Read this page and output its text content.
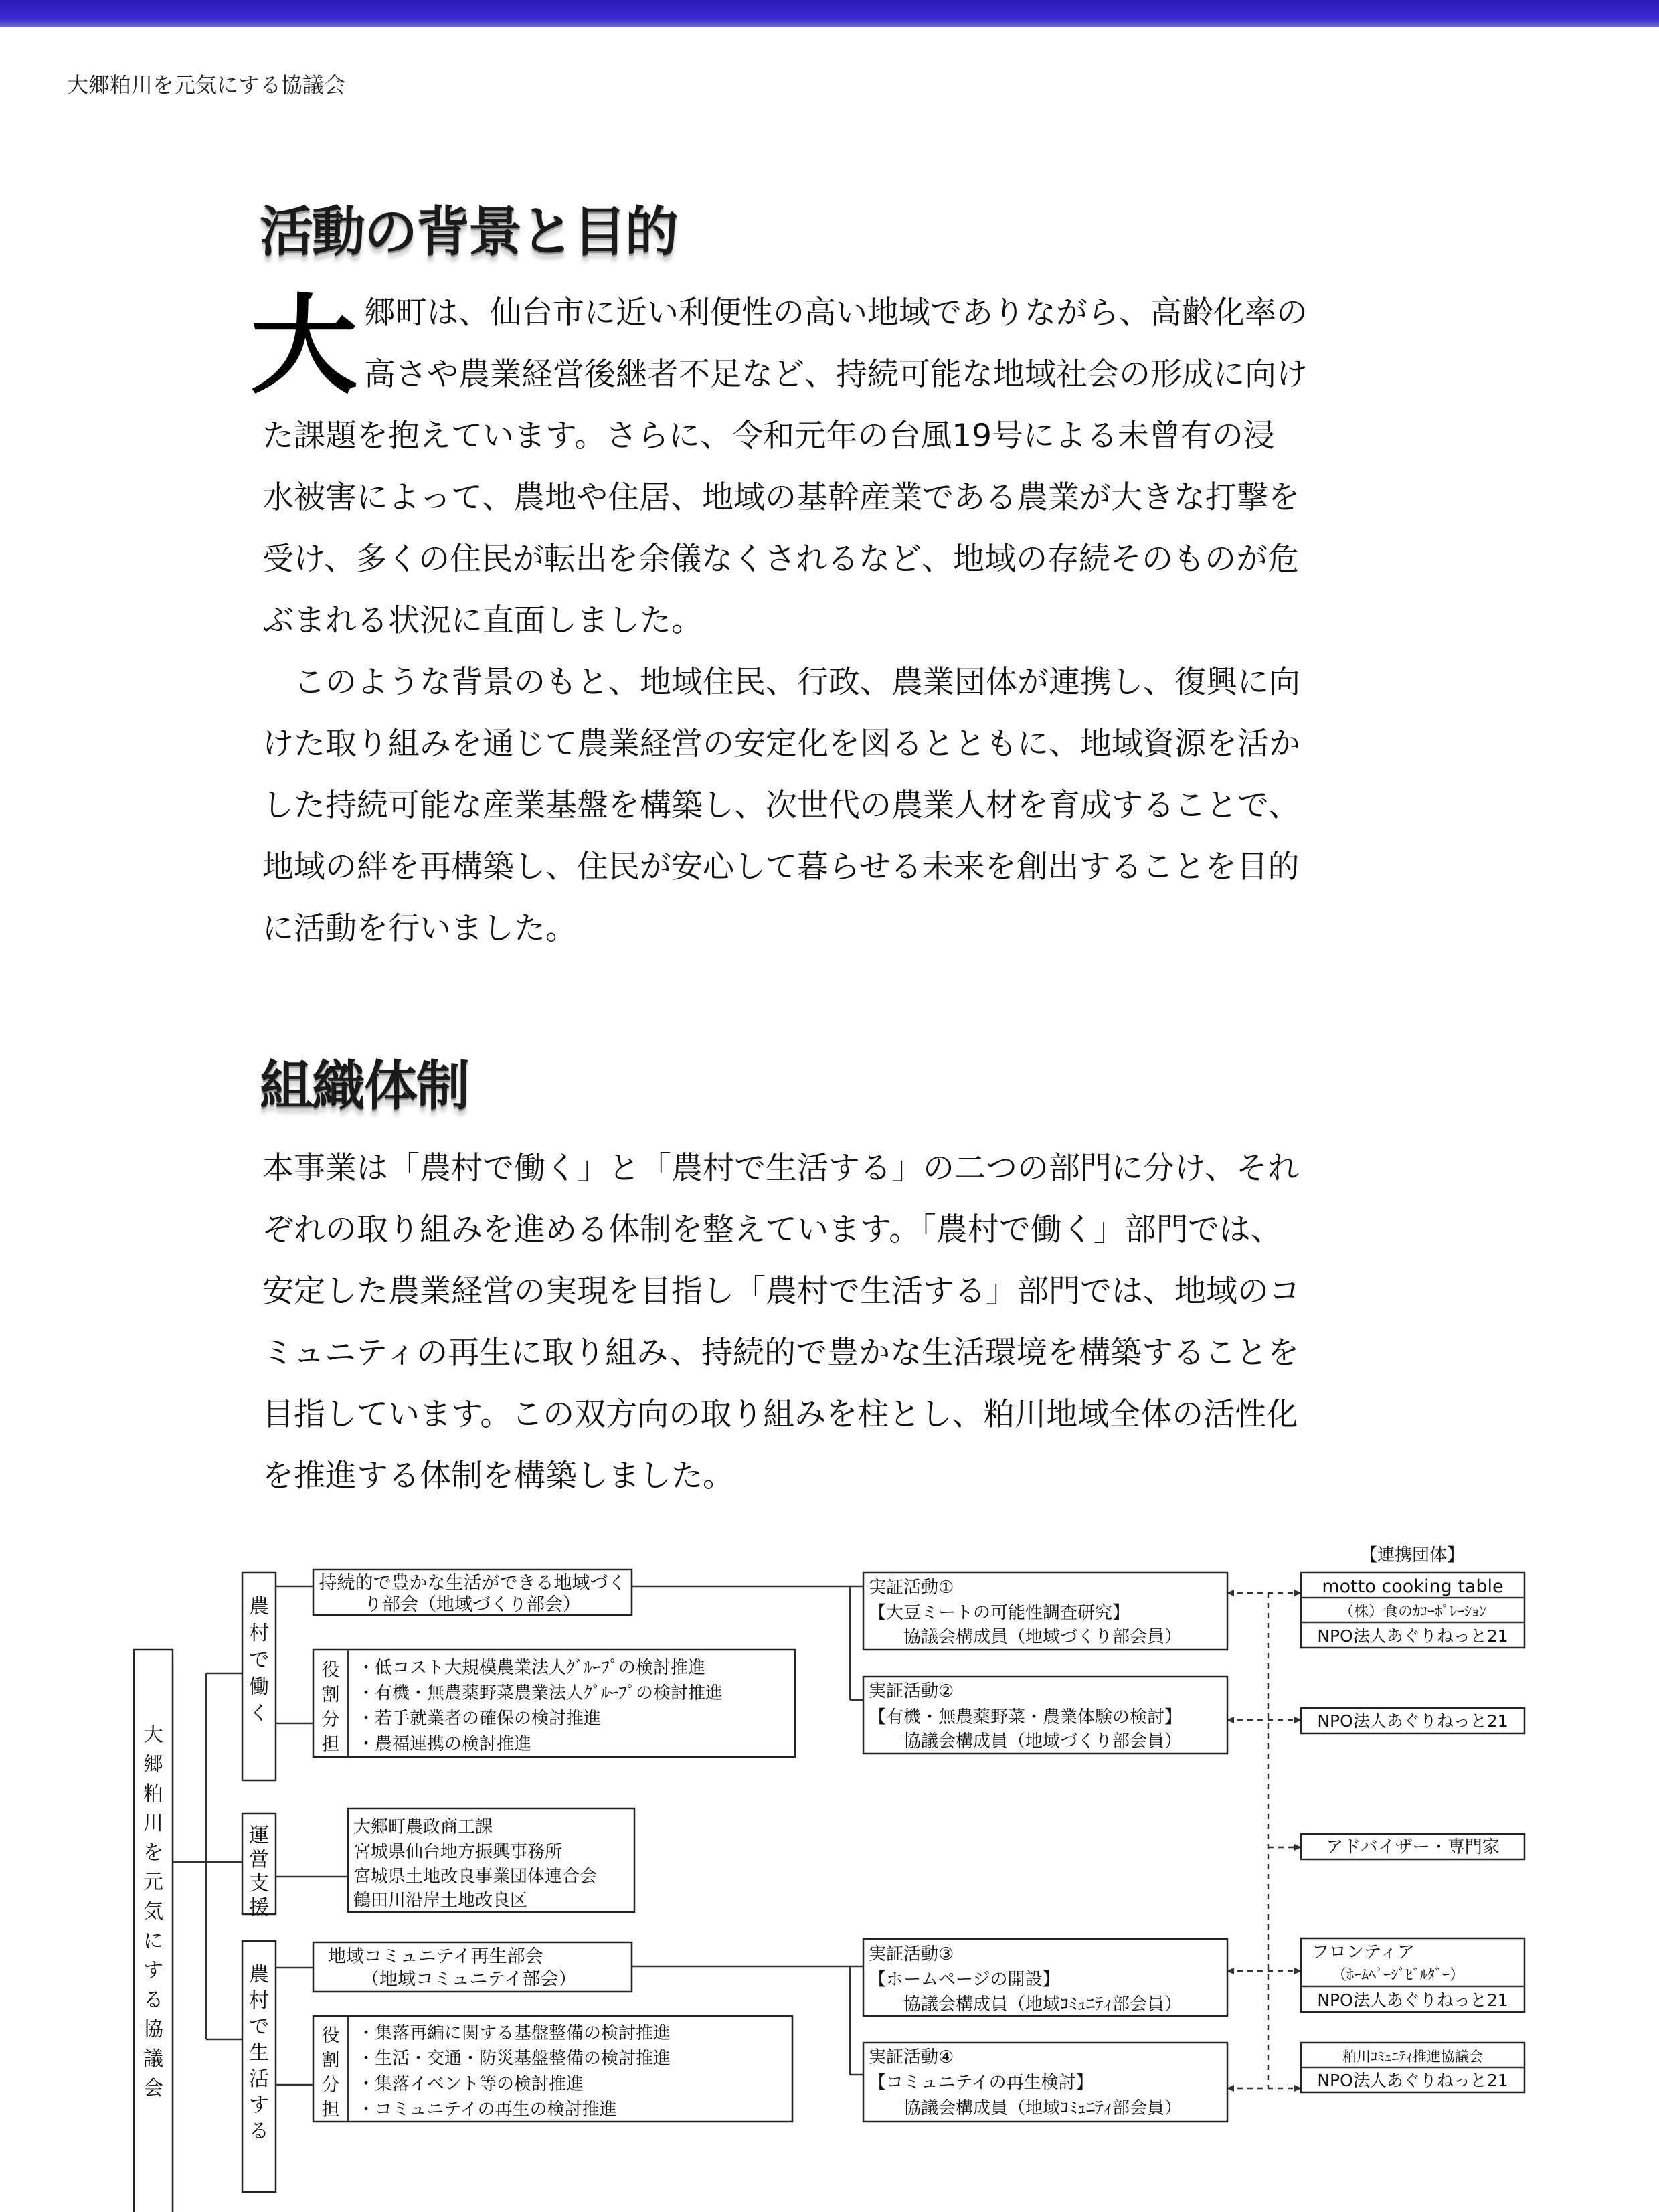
大郷粕川を元気にする協議会
活動の背景と目的
大 郷町は、仙台市に近い利便性の高い地域でありながら、高齢化率の
高さや農業経営後継者不足など、持続可能な地域社会の形成に向け
た課題を抱えています。さらに、令和元年の台風19号による未曾有の浸
水被害によって、農地や住居、地域の基幹産業である農業が大きな打撃を
受け、多くの住民が転出を余儀なくされるなど、地域の存続そのものが危
ぶまれる状況に直面しました。
　このような背景のもと、地域住民、行政、農業団体が連携し、復興に向
けた取り組みを通じて農業経営の安定化を図るとともに、地域資源を活か
した持続可能な産業基盤を構築し、次世代の農業人材を育成することで、
地域の絆を再構築し、住民が安心して暮らせる未来を創出することを目的
に活動を行いました。
組織体制
本事業は「農村で働く」と「農村で生活する」の二つの部門に分け、それ
ぞれの取り組みを進める体制を整えています。「農村で働く」部門では、
安定した農業経営の実現を目指し「農村で生活する」部門では、地域のコ
ミュニティの再生に取り組み、持続的で豊かな生活環境を構築することを
目指しています。この双方向の取り組みを柱とし、粕川地域全体の活性化
を推進する体制を構築しました。
大郷粕川を元気にする協議会
農村で働く
運営支援
農村で生活する
持続的で豊かな生活ができる地域づく
り部会（地域づくり部会）
役割分担
・低コスト大規模農業法人ｸﾞﾙｰﾌﾟの検討推進
・有機・無農薬野菜農業法人ｸﾞﾙｰﾌﾟの検討推進
・若手就業者の確保の検討推進
・農福連携の検討推進
大郷町農政商工課
宮城県仙台地方振興事務所
宮城県土地改良事業団体連合会
鶴田川沿岸土地改良区
地域コミュニテイ再生部会
（地域コミュニテイ部会）
役割分担
・集落再編に関する基盤整備の検討推進
・生活・交通・防災基盤整備の検討推進
・集落イベント等の検討推進
・コミュニテイの再生の検討推進
実証活動①
【大豆ミートの可能性調査研究】
協議会構成員（地域づくり部会員）
実証活動②
【有機・無農薬野菜・農業体験の検討】
協議会構成員（地域づくり部会員）
実証活動③
【ホームページの開設】
協議会構成員（地域ｺﾐｭﾆﾃｨ部会員）
実証活動④
【コミュニテイの再生検討】
協議会構成員（地域ｺﾐｭﾆﾃｨ部会員）
【連携団体】
motto cooking table
（株）食のｶｺｰﾎﾟﾚｰｼｮﾝ
NPO法人あぐりねっと21
NPO法人あぐりねっと21
アドバイザー・専門家
フロンティア
（ﾎｰﾑﾍﾟｰｼﾞﾋﾞﾙﾀﾞｰ）
NPO法人あぐりねっと21
粕川ｺﾐｭﾆﾃｨ推進協議会
NPO法人あぐりねっと21
